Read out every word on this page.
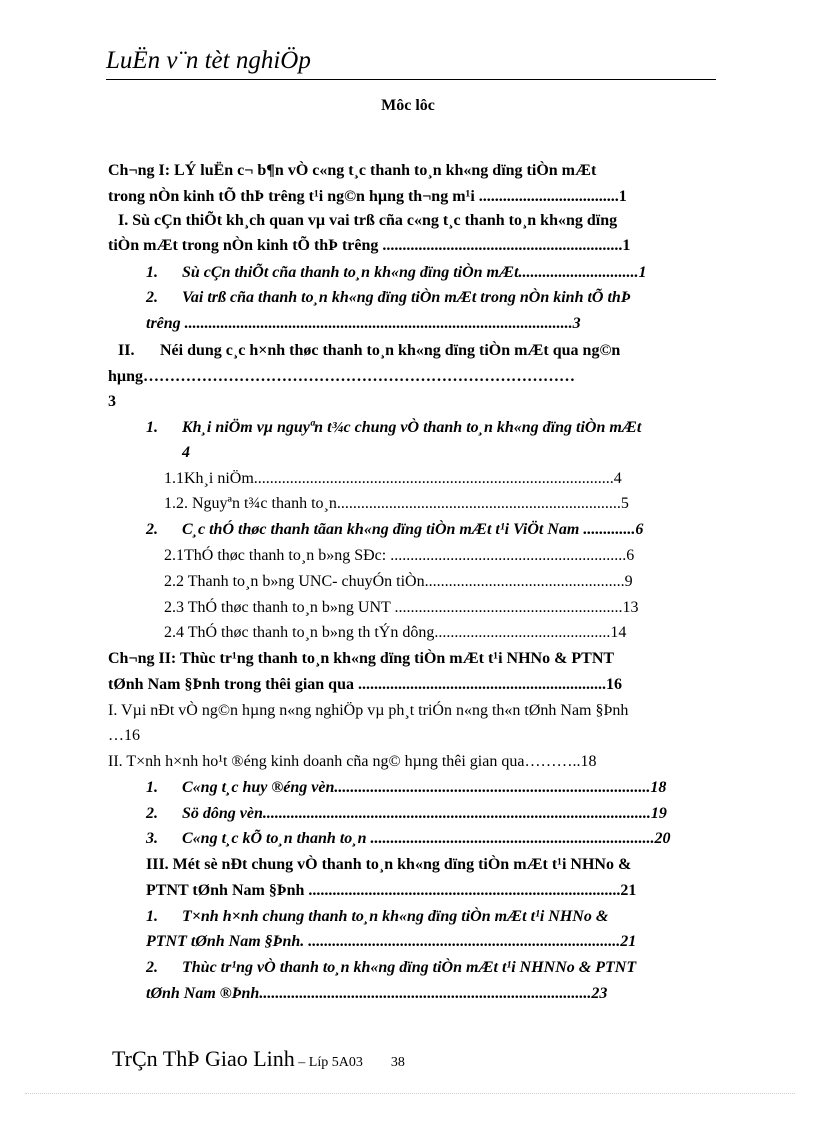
LuËn v¨n tèt nghiÖp
Môc lôc
Ch¬ng I: LÝ luËn c¬ b¶n vÒ c«ng t¸c thanh to¸n kh«ng dïng tiÒn mÆt
trong nÒn kinh tÕ thÞ trêng t¹i ng©n hµng th¬ng m¹i ...................................1
I. Sù cÇn thiÕt kh¸ch quan vµ vai trß cña c«ng t¸c thanh to¸n kh«ng dïng
tiÒn mÆt trong nÒn kinh tÕ thÞ trêng ............................................................1
1. Sù cÇn thiÕt cña thanh to¸n kh«ng dïng tiÒn mÆt..............................1
2. Vai trß cña thanh to¸n kh«ng dïng tiÒn mÆt trong nÒn kinh tÕ thÞ
trêng .................................................................................................3
II. Néi dung c¸c h×nh thøc thanh to¸n kh«ng dïng tiÒn mÆt qua ng©n
hµng………………………………………………………………………
3
1. Kh¸i niÖm vµ nguyªn t¾c chung vÒ thanh to¸n kh«ng dïng tiÒn mÆt
4
1.1Kh¸i niÖm..........................................................................................4
1.2. Nguyªn t¾c thanh to¸n.......................................................................5
2. C¸c thÓ thøc thanh tãan kh«ng dïng tiÒn mÆt t¹i ViÖt Nam .............6
2.1ThÓ thøc thanh to¸n b»ng SÐc: ...........................................................6
2.2 Thanh to¸n b»ng UNC- chuyÓn tiÒn..................................................9
2.3 ThÓ thøc thanh to¸n b»ng UNT .........................................................13
2.4 ThÓ thøc thanh to¸n b»ng th tÝn dông............................................14
Ch¬ng II: Thùc tr¹ng thanh to¸n kh«ng dïng tiÒn mÆt t¹i NHNo & PTNT
tØnh Nam §Þnh trong thêi gian qua ..............................................................16
I. Vµi nÐt vÒ ng©n hµng n«ng nghiÖp vµ ph¸t triÓn n«ng th«n tØnh Nam §Þnh
…16
II. T×nh h×nh ho¹t ®éng kinh doanh cña ng© hµng thêi gian qua………..18
1. C«ng t¸c huy ®éng vèn...............................................................................18
2. Sö dông vèn.................................................................................................19
3. C«ng t¸c kÕ to¸n thanh to¸n .......................................................................20
III. Mét sè nÐt chung vÒ thanh to¸n kh«ng dïng tiÒn mÆt t¹i NHNo &
PTNT tØnh Nam §Þnh ..............................................................................21
1. T×nh h×nh chung thanh to¸n kh«ng dïng tiÒn mÆt t¹i NHNo &
PTNT tØnh Nam §Þnh. ..............................................................................21
2. Thùc tr¹ng vÒ thanh to¸n kh«ng dïng tiÒn mÆt t¹i NHNNo & PTNT
tØnh Nam ®Þnh...................................................................................23
TrÇn ThÞ Giao Linh – Líp 5A03 38
